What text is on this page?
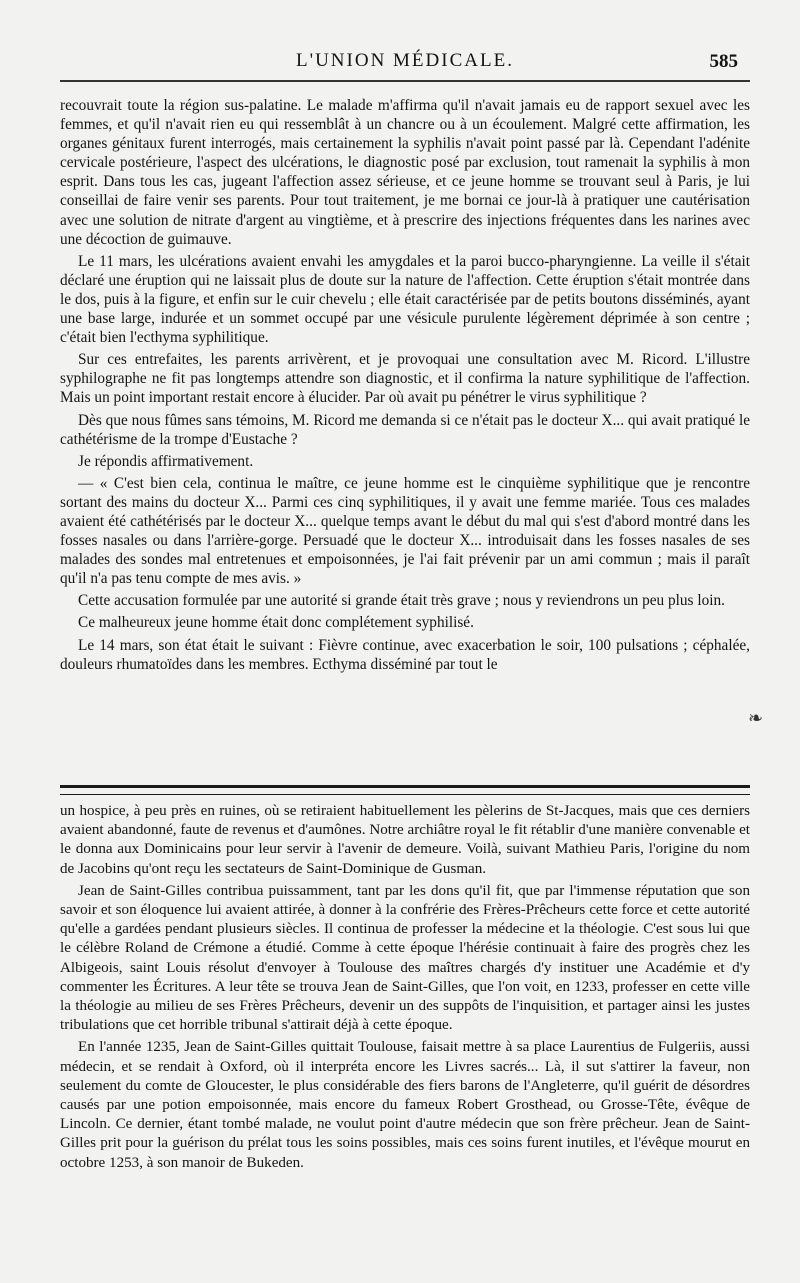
L'UNION MÉDICALE.	585

recouvrait toute la région sus-palatine. Le malade m'affirma qu'il n'avait jamais eu de rapport sexuel avec les femmes, et qu'il n'avait rien eu qui ressemblât à un chancre ou à un écoulement. Malgré cette affirmation, les organes génitaux furent interrogés, mais certainement la syphilis n'avait point passé par là. Cependant l'adénite cervicale postérieure, l'aspect des ulcérations, le diagnostic posé par exclusion, tout ramenait la syphilis à mon esprit. Dans tous les cas, jugeant l'affection assez sérieuse, et ce jeune homme se trouvant seul à Paris, je lui conseillai de faire venir ses parents. Pour tout traitement, je me bornai ce jour-là à pratiquer une cautérisation avec une solution de nitrate d'argent au vingtième, et à prescrire des injections fréquentes dans les narines avec une décoction de guimauve.

Le 11 mars, les ulcérations avaient envahi les amygdales et la paroi bucco-pharyngienne. La veille il s'était déclaré une éruption qui ne laissait plus de doute sur la nature de l'affection. Cette éruption s'était montrée dans le dos, puis à la figure, et enfin sur le cuir chevelu ; elle était caractérisée par de petits boutons disséminés, ayant une base large, indurée et un sommet occupé par une vésicule purulente légèrement déprimée à son centre ; c'était bien l'ecthyma syphilitique.

Sur ces entrefaites, les parents arrivèrent, et je provoquai une consultation avec M. Ricord. L'illustre syphilographe ne fit pas longtemps attendre son diagnostic, et il confirma la nature syphilitique de l'affection. Mais un point important restait encore à élucider. Par où avait pu pénétrer le virus syphilitique ?

Dès que nous fûmes sans témoins, M. Ricord me demanda si ce n'était pas le docteur X... qui avait pratiqué le cathétérisme de la trompe d'Eustache ?

Je répondis affirmativement.

— « C'est bien cela, continua le maître, ce jeune homme est le cinquième syphilitique que je rencontre sortant des mains du docteur X... Parmi ces cinq syphilitiques, il y avait une femme mariée. Tous ces malades avaient été cathétérisés par le docteur X... quelque temps avant le début du mal qui s'est d'abord montré dans les fosses nasales ou dans l'arrière-gorge. Persuadé que le docteur X... introduisait dans les fosses nasales de ses malades des sondes mal entretenues et empoisonnées, je l'ai fait prévenir par un ami commun ; mais il paraît qu'il n'a pas tenu compte de mes avis. »

Cette accusation formulée par une autorité si grande était très grave ; nous y reviendrons un peu plus loin.

Ce malheureux jeune homme était donc complétement syphilisé.

Le 14 mars, son état était le suivant : Fièvre continue, avec exacerbation le soir, 100 pulsations ; céphalée, douleurs rhumatoïdes dans les membres. Ecthyma disséminé par tout le

❧

un hospice, à peu près en ruines, où se retiraient habituellement les pèlerins de St-Jacques, mais que ces derniers avaient abandonné, faute de revenus et d'aumônes. Notre archiâtre royal le fit rétablir d'une manière convenable et le donna aux Dominicains pour leur servir à l'avenir de demeure. Voilà, suivant Mathieu Paris, l'origine du nom de Jacobins qu'ont reçu les sectateurs de Saint-Dominique de Gusman.

Jean de Saint-Gilles contribua puissamment, tant par les dons qu'il fit, que par l'immense réputation que son savoir et son éloquence lui avaient attirée, à donner à la confrérie des Frères-Prêcheurs cette force et cette autorité qu'elle a gardées pendant plusieurs siècles. Il continua de professer la médecine et la théologie. C'est sous lui que le célèbre Roland de Crémone a étudié. Comme à cette époque l'hérésie continuait à faire des progrès chez les Albigeois, saint Louis résolut d'envoyer à Toulouse des maîtres chargés d'y instituer une Académie et d'y commenter les Écritures. A leur tête se trouva Jean de Saint-Gilles, que l'on voit, en 1233, professer en cette ville la théologie au milieu de ses Frères Prêcheurs, devenir un des suppôts de l'inquisition, et partager ainsi les justes tribulations que cet horrible tribunal s'attirait déjà à cette époque.

En l'année 1235, Jean de Saint-Gilles quittait Toulouse, faisait mettre à sa place Laurentius de Fulgeriis, aussi médecin, et se rendait à Oxford, où il interpréta encore les Livres sacrés... Là, il sut s'attirer la faveur, non seulement du comte de Gloucester, le plus considérable des fiers barons de l'Angleterre, qu'il guérit de désordres causés par une potion empoisonnée, mais encore du fameux Robert Grosthead, ou Grosse-Tête, évêque de Lincoln. Ce dernier, étant tombé malade, ne voulut point d'autre médecin que son frère prêcheur. Jean de Saint-Gilles prit pour la guérison du prélat tous les soins possibles, mais ces soins furent inutiles, et l'évêque mourut en octobre 1253, à son manoir de Bukeden.
